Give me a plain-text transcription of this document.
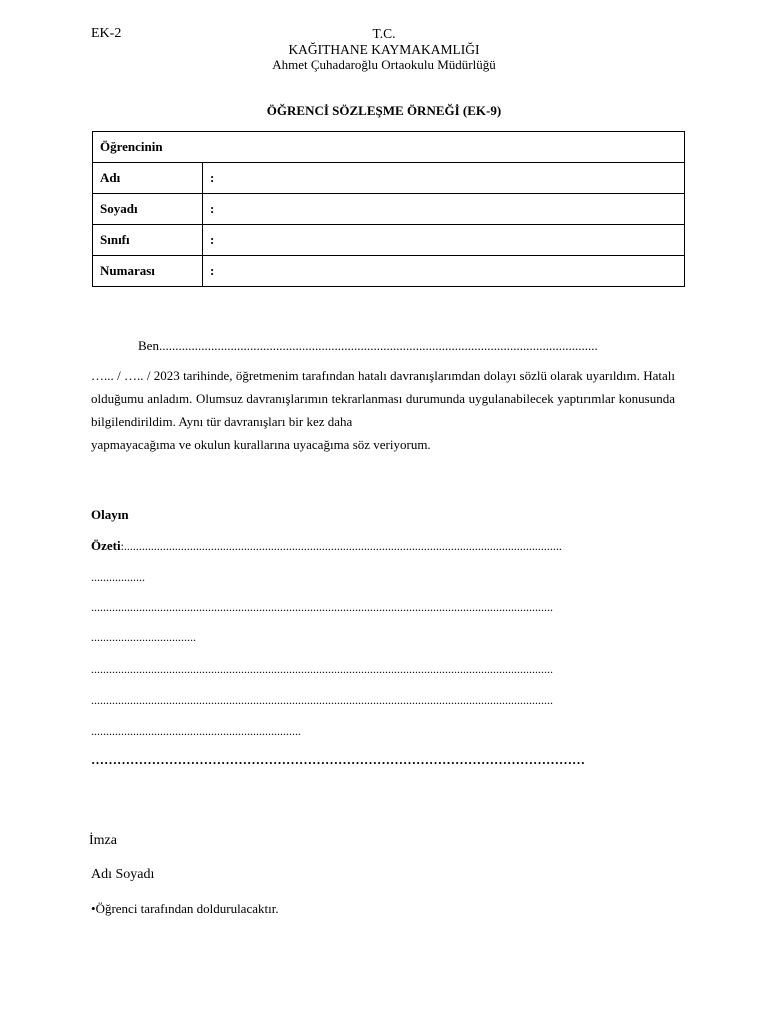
EK-2	T.C.
KAĞITHANE KAYMAKAMLIĞI
Ahmet Çuhadaroğlu Ortaokulu Müdürlüğü
ÖĞRENCİ SÖZLEŞME ÖRNEĞİ (EK-9)
Öğrencinin	
Adı	:
Soyadı	:
Sınıfı	:
Numarası	:
Ben.......................................................................................................................................
…... / ….. / 2023 tarihinde, öğretmenim tarafından hatalı davranışlarımdan dolayı sözlü olarak uyarıldım. Hatalı olduğumu anladım. Olumsuz davranışlarımın tekrarlanması durumunda uygulanabilecek yaptırımlar konusunda bilgilendirildim. Aynı tür davranışları bir kez daha
yapmayacağıma ve okulun kurallarına uyacağıma söz veriyorum.
Olayın
Özeti:..................................................................................................................................................
..................
..........................................................................................................................................................
...................................
..........................................................................................................................................................
..........................................................................................................................................................
......................................................................
……………………………………………………………………………………………………
İmza
Adı Soyadı
•Öğrenci tarafından doldurulacaktır.
